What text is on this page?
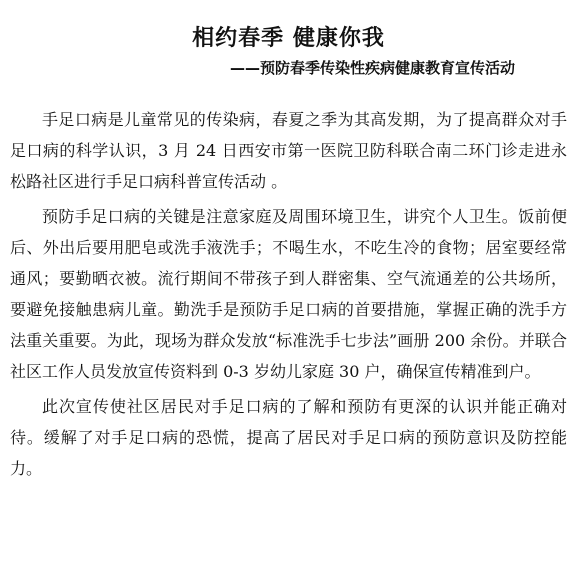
相约春季 健康你我
——预防春季传染性疾病健康教育宣传活动

手足口病是儿童常见的传染病，春夏之季为其高发期，为了提高群众对手足口病的科学认识，3 月 24 日西安市第一医院卫防科联合南二环门诊走进永松路社区进行手足口病科普宣传活动 。

预防手足口病的关键是注意家庭及周围环境卫生，讲究个人卫生。饭前便后、外出后要用肥皂或洗手液洗手；不喝生水，不吃生冷的食物；居室要经常通风；要勤晒衣被。流行期间不带孩子到人群密集、空气流通差的公共场所，要避免接触患病儿童。勤洗手是预防手足口病的首要措施，掌握正确的洗手方法重关重要。为此，现场为群众发放“标准洗手七步法”画册 200 余份。并联合社区工作人员发放宣传资料到 0-3 岁幼儿家庭 30 户，确保宣传精准到户。

此次宣传使社区居民对手足口病的了解和预防有更深的认识并能正确对待。缓解了对手足口病的恐慌，提高了居民对手足口病的预防意识及防控能力。
